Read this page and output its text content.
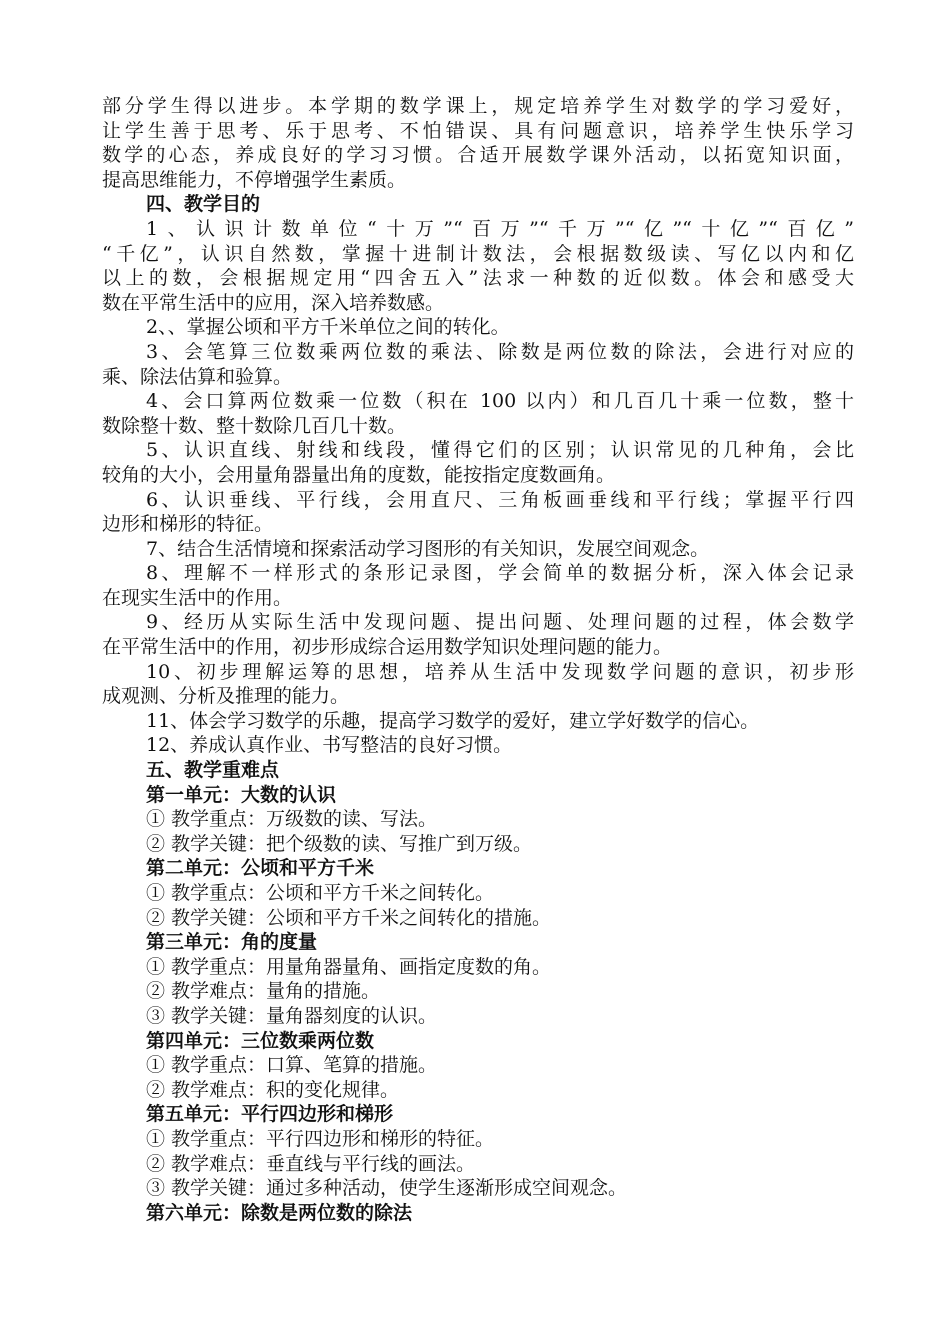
部分学生得以进步。本学期的数学课上，规定培养学生对数学的学习爱好，
让学生善于思考、乐于思考、不怕错误、具有问题意识，培养学生快乐学习
数学的心态，养成良好的学习习惯。合适开展数学课外活动，以拓宽知识面，
提高思维能力，不停增强学生素质。
四、教学目的
1、认识计数单位“十万”“百万”“千万”“亿”“十亿”“百亿”
“千亿”，认识自然数，掌握十进制计数法，会根据数级读、写亿以内和亿
以上的数，会根据规定用“四舍五入”法求一种数的近似数。体会和感受大
数在平常生活中的应用，深入培养数感。
2、、掌握公顷和平方千米单位之间的转化。
3、会笔算三位数乘两位数的乘法、除数是两位数的除法，会进行对应的
乘、除法估算和验算。
4、会口算两位数乘一位数（积在 100 以内）和几百几十乘一位数，整十
数除整十数、整十数除几百几十数。
5、认识直线、射线和线段，懂得它们的区别；认识常见的几种角，会比
较角的大小，会用量角器量出角的度数，能按指定度数画角。
6、认识垂线、平行线，会用直尺、三角板画垂线和平行线；掌握平行四
边形和梯形的特征。
7、结合生活情境和探索活动学习图形的有关知识，发展空间观念。
8、理解不一样形式的条形记录图，学会简单的数据分析，深入体会记录
在现实生活中的作用。
9、经历从实际生活中发现问题、提出问题、处理问题的过程，体会数学
在平常生活中的作用，初步形成综合运用数学知识处理问题的能力。
10、初步理解运筹的思想，培养从生活中发现数学问题的意识，初步形
成观测、分析及推理的能力。
11、体会学习数学的乐趣，提高学习数学的爱好，建立学好数学的信心。
12、养成认真作业、书写整洁的良好习惯。
五、教学重难点
第一单元：大数的认识
① 教学重点：万级数的读、写法。
② 教学关键：把个级数的读、写推广到万级。
第二单元：公顷和平方千米
① 教学重点：公顷和平方千米之间转化。
② 教学关键：公顷和平方千米之间转化的措施。
第三单元：角的度量
① 教学重点：用量角器量角、画指定度数的角。
② 教学难点：量角的措施。
③ 教学关键：量角器刻度的认识。
第四单元：三位数乘两位数
① 教学重点：口算、笔算的措施。
② 教学难点：积的变化规律。
第五单元：平行四边形和梯形
① 教学重点：平行四边形和梯形的特征。
② 教学难点：垂直线与平行线的画法。
③ 教学关键：通过多种活动，使学生逐渐形成空间观念。
第六单元：除数是两位数的除法
